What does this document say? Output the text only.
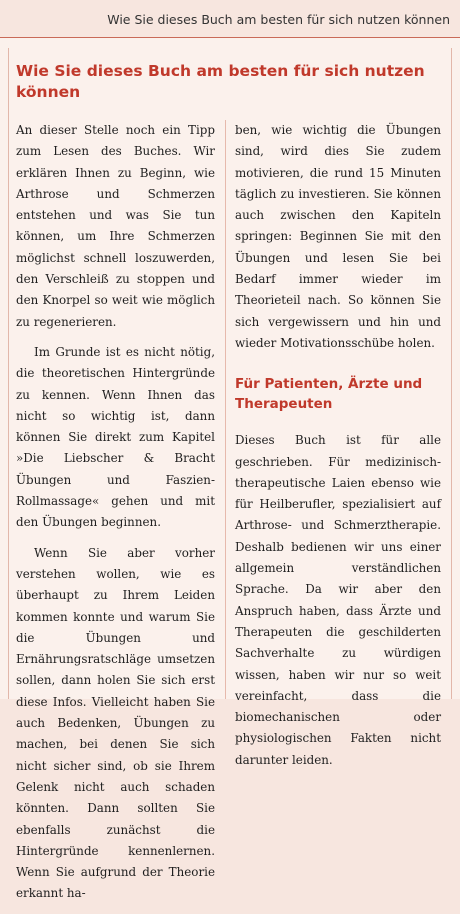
Wie Sie dieses Buch am besten für sich nutzen können
Wie Sie dieses Buch am besten für sich nutzen können

An dieser Stelle noch ein Tipp zum Lesen des Buches. Wir erklären Ihnen zu Beginn, wie Arthrose und Schmerzen entstehen und was Sie tun können, um Ihre Schmerzen möglichst schnell loszuwerden, den Verschleiß zu stoppen und den Knorpel so weit wie möglich zu regenerieren.

Im Grunde ist es nicht nötig, die theoretischen Hintergründe zu kennen. Wenn Ihnen das nicht so wichtig ist, dann können Sie direkt zum Kapitel »Die Liebscher & Bracht Übungen und Faszien-Rollmassage« gehen und mit den Übungen beginnen.

Wenn Sie aber vorher verstehen wollen, wie es überhaupt zu Ihrem Leiden kommen konnte und warum Sie die Übungen und Ernährungsratschläge umsetzen sollen, dann holen Sie sich erst diese Infos. Vielleicht haben Sie auch Bedenken, Übungen zu machen, bei denen Sie sich nicht sicher sind, ob sie Ihrem Gelenk nicht auch schaden könnten. Dann sollten Sie ebenfalls zunächst die Hintergründe kennenlernen. Wenn Sie aufgrund der Theorie erkannt ha-

ben, wie wichtig die Übungen sind, wird dies Sie zudem motivieren, die rund 15 Minuten täglich zu investieren. Sie können auch zwischen den Kapiteln springen: Beginnen Sie mit den Übungen und lesen Sie bei Bedarf immer wieder im Theorieteil nach. So können Sie sich vergewissern und hin und wieder Motivationsschübe holen.

Für Patienten, Ärzte und Therapeuten

Dieses Buch ist für alle geschrieben. Für medizinisch-therapeutische Laien ebenso wie für Heilberufler, spezialisiert auf Arthrose- und Schmerztherapie. Deshalb bedienen wir uns einer allgemein verständlichen Sprache. Da wir aber den Anspruch haben, dass Ärzte und Therapeuten die geschilderten Sachverhalte zu würdigen wissen, haben wir nur so weit vereinfacht, dass die biomechanischen oder physiologischen Fakten nicht darunter leiden.
